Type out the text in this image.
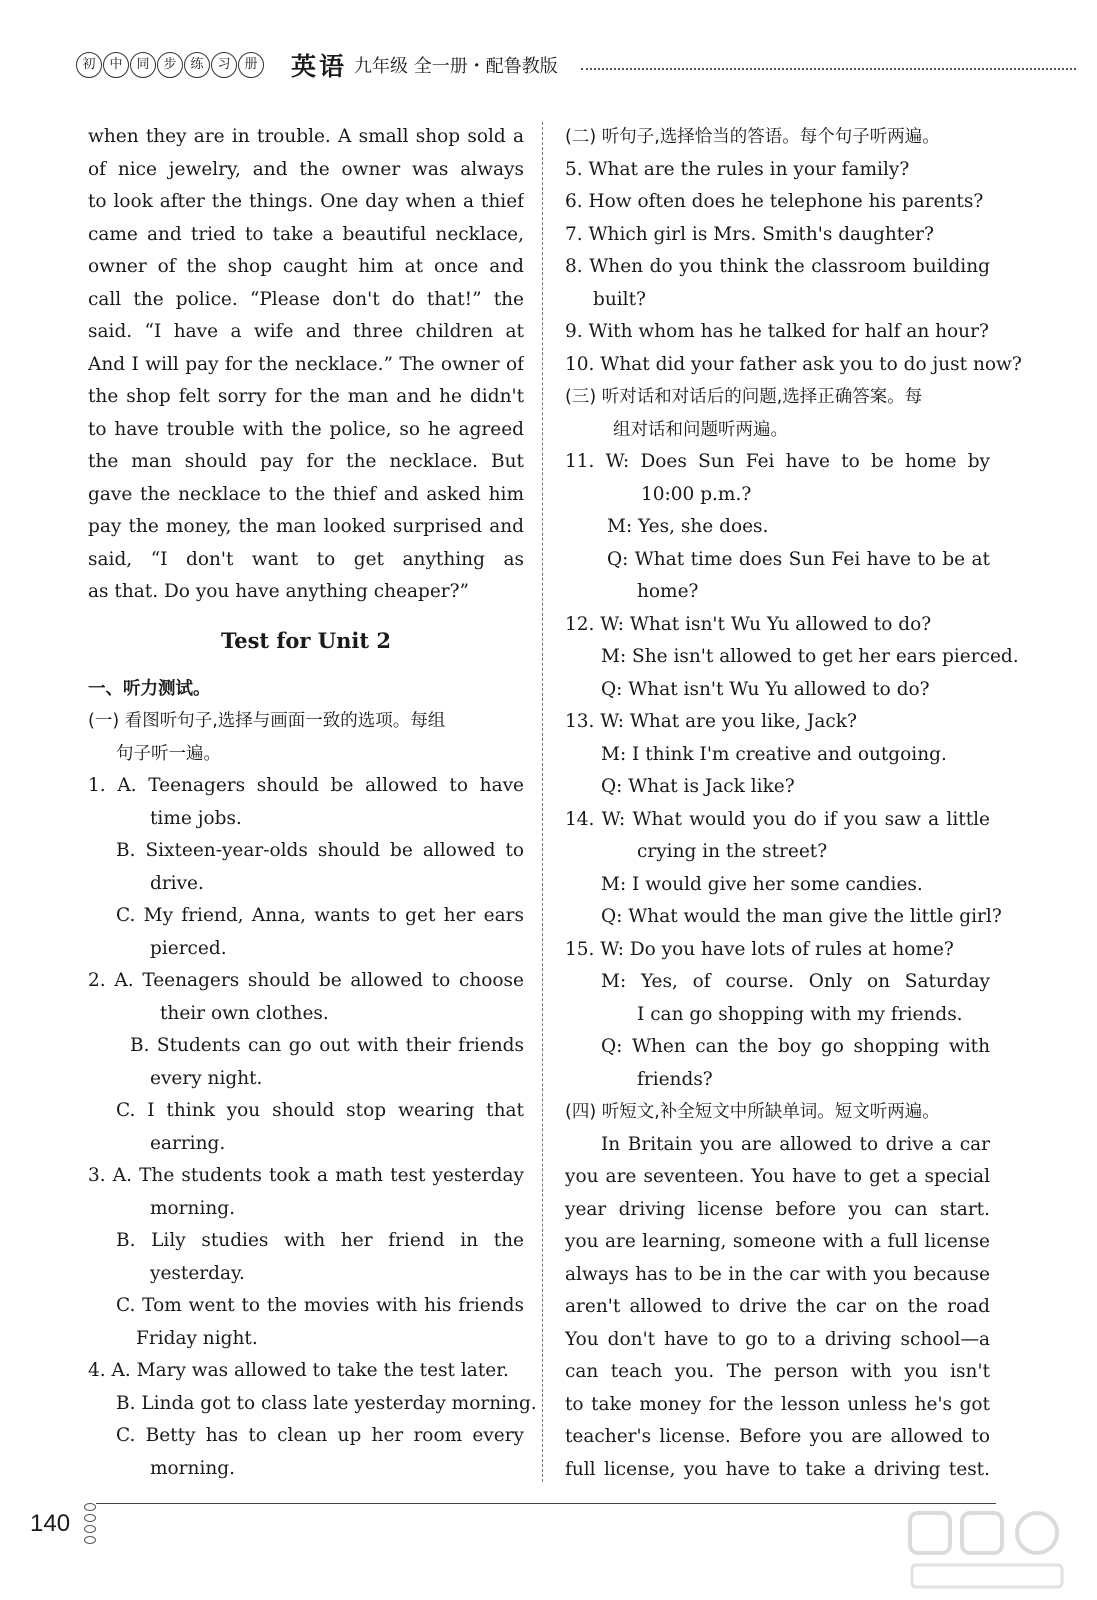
初	中	同	步	练	习	册 英语 九年级 全一册・配鲁教版
when they are in trouble. A small shop sold a
of nice jewelry, and the owner was always
to look after the things. One day when a thief
came and tried to take a beautiful necklace,
owner of the shop caught him at once and
call the police. “Please don't do that!” the
said. “I have a wife and three children at
And I will pay for the necklace.” The owner of
the shop felt sorry for the man and he didn't
to have trouble with the police, so he agreed
the man should pay for the necklace. But
gave the necklace to the thief and asked him
pay the money, the man looked surprised and
said, “I don't want to get anything as
as that. Do you have anything cheaper?”
Test for Unit 2
一、听力测试。
(一) 看图听句子,选择与画面一致的选项。每组
句子听一遍。
1. A. Teenagers should be allowed to have
time jobs.
B. Sixteen-year-olds should be allowed to
drive.
C. My friend, Anna, wants to get her ears
pierced.
2. A. Teenagers should be allowed to choose
their own clothes.
B. Students can go out with their friends
every night.
C. I think you should stop wearing that
earring.
3. A. The students took a math test yesterday
morning.
B. Lily studies with her friend in the
yesterday.
C. Tom went to the movies with his friends
Friday night.
4. A. Mary was allowed to take the test later.
B. Linda got to class late yesterday morning.
C. Betty has to clean up her room every
morning.
(二) 听句子,选择恰当的答语。每个句子听两遍。
5. What are the rules in your family?
6. How often does he telephone his parents?
7. Which girl is Mrs. Smith's daughter?
8. When do you think the classroom building
built?
9. With whom has he talked for half an hour?
10. What did your father ask you to do just now?
(三) 听对话和对话后的问题,选择正确答案。每
组对话和问题听两遍。
11. W: Does Sun Fei have to be home by
10:00 p.m.?
M: Yes, she does.
Q: What time does Sun Fei have to be at
home?
12. W: What isn't Wu Yu allowed to do?
M: She isn't allowed to get her ears pierced.
Q: What isn't Wu Yu allowed to do?
13. W: What are you like, Jack?
M: I think I'm creative and outgoing.
Q: What is Jack like?
14. W: What would you do if you saw a little
crying in the street?
M: I would give her some candies.
Q: What would the man give the little girl?
15. W: Do you have lots of rules at home?
M: Yes, of course. Only on Saturday
I can go shopping with my friends.
Q: When can the boy go shopping with
friends?
(四) 听短文,补全短文中所缺单词。短文听两遍。
In Britain you are allowed to drive a car
you are seventeen. You have to get a special
year driving license before you can start.
you are learning, someone with a full license
always has to be in the car with you because
aren't allowed to drive the car on the road
You don't have to go to a driving school—a
can teach you. The person with you isn't
to take money for the lesson unless he's got
teacher's license. Before you are allowed to
full license, you have to take a driving test.
140
